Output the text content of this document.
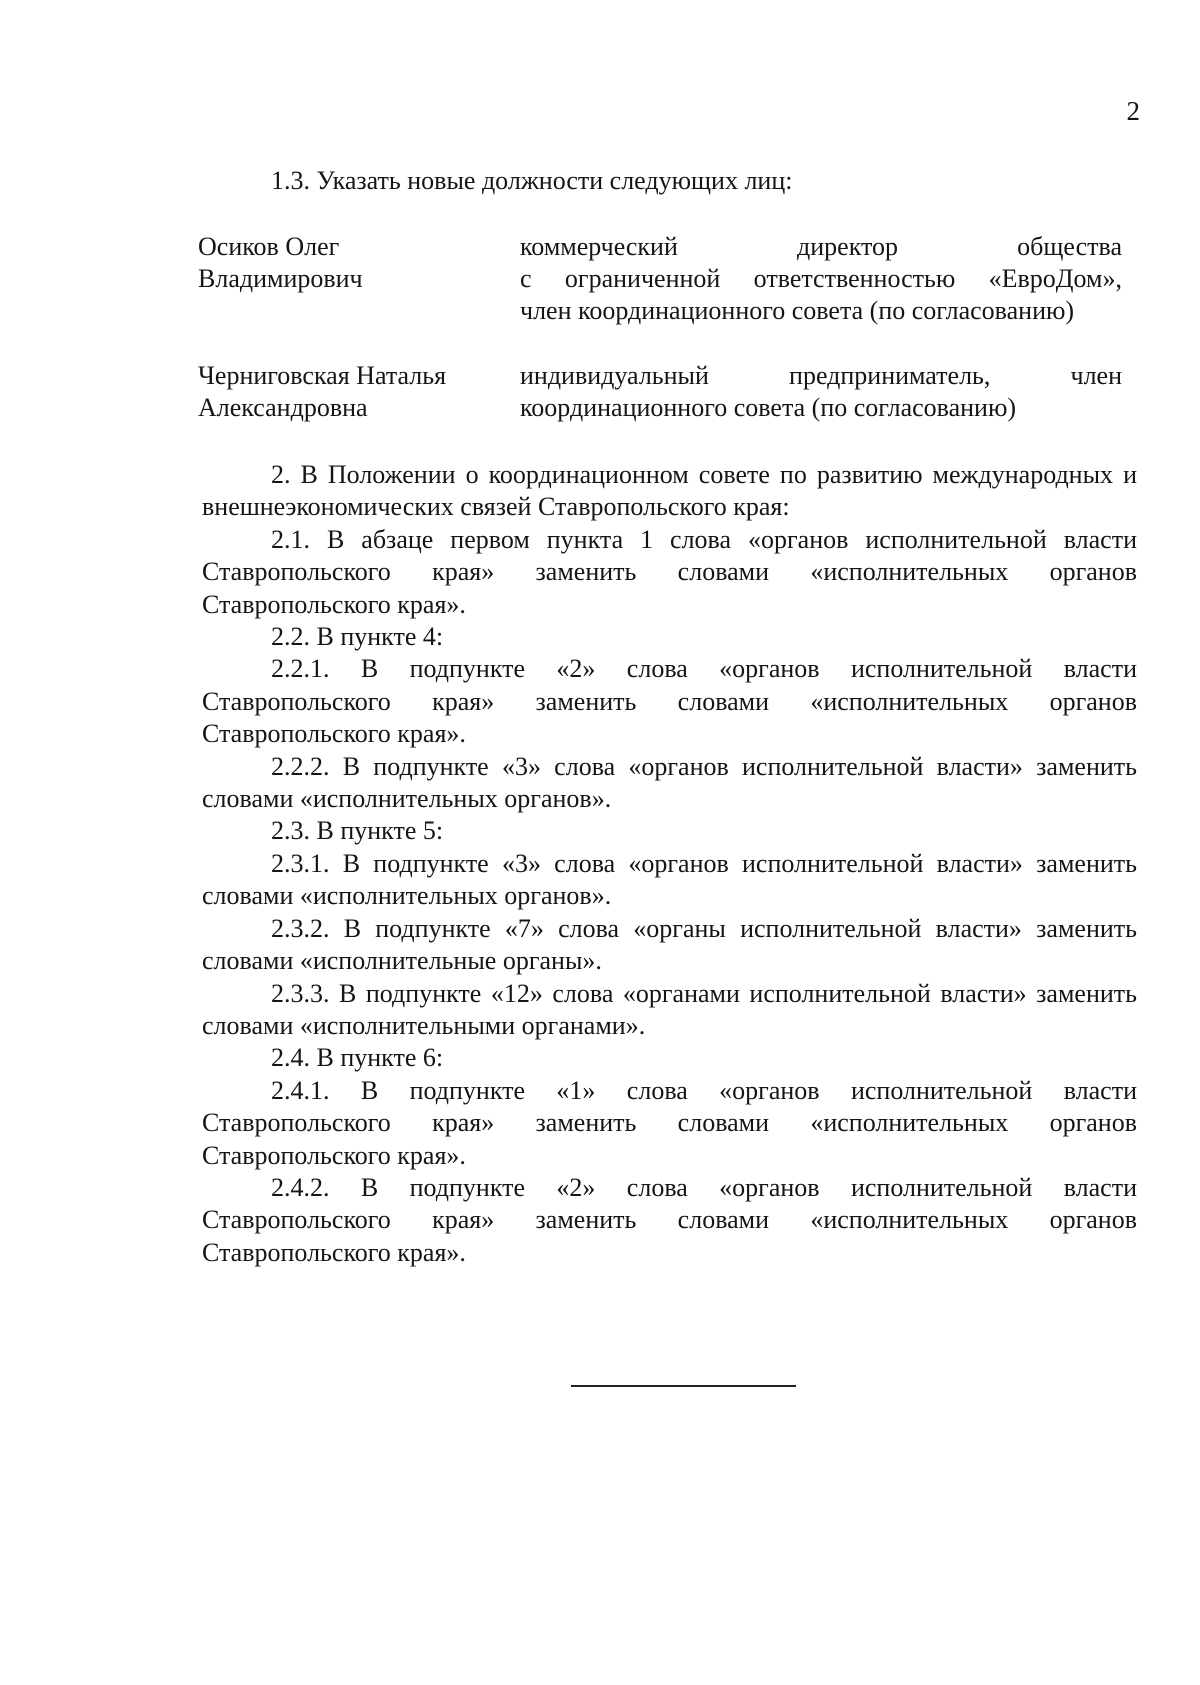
2

1.3. Указать новые должности следующих лиц:

Осиков Олег
Владимирович
коммерческий директор общества
с ограниченной ответственностью «ЕвроДом»,
член координационного совета (по согласованию)
Черниговская Наталья
Александровна
индивидуальный предприниматель, член
координационного совета (по согласованию)

2. В Положении о координационном совете по развитию международных и внешнеэкономических связей Ставропольского края:

2.1. В абзаце первом пункта 1 слова «органов исполнительной власти Ставропольского края» заменить словами «исполнительных органов Ставропольского края».

2.2. В пункте 4:

2.2.1. В подпункте «2» слова «органов исполнительной власти Ставропольского края» заменить словами «исполнительных органов Ставропольского края».

2.2.2. В подпункте «3» слова «органов исполнительной власти» заменить словами «исполнительных органов».

2.3. В пункте 5:

2.3.1. В подпункте «3» слова «органов исполнительной власти» заменить словами «исполнительных органов».

2.3.2. В подпункте «7» слова «органы исполнительной власти» заменить словами «исполнительные органы».

2.3.3. В подпункте «12» слова «органами исполнительной власти» заменить словами «исполнительными органами».

2.4. В пункте 6:

2.4.1. В подпункте «1» слова «органов исполнительной власти Ставропольского края» заменить словами «исполнительных органов Ставропольского края».

2.4.2. В подпункте «2» слова «органов исполнительной власти Ставропольского края» заменить словами «исполнительных органов Ставропольского края».
